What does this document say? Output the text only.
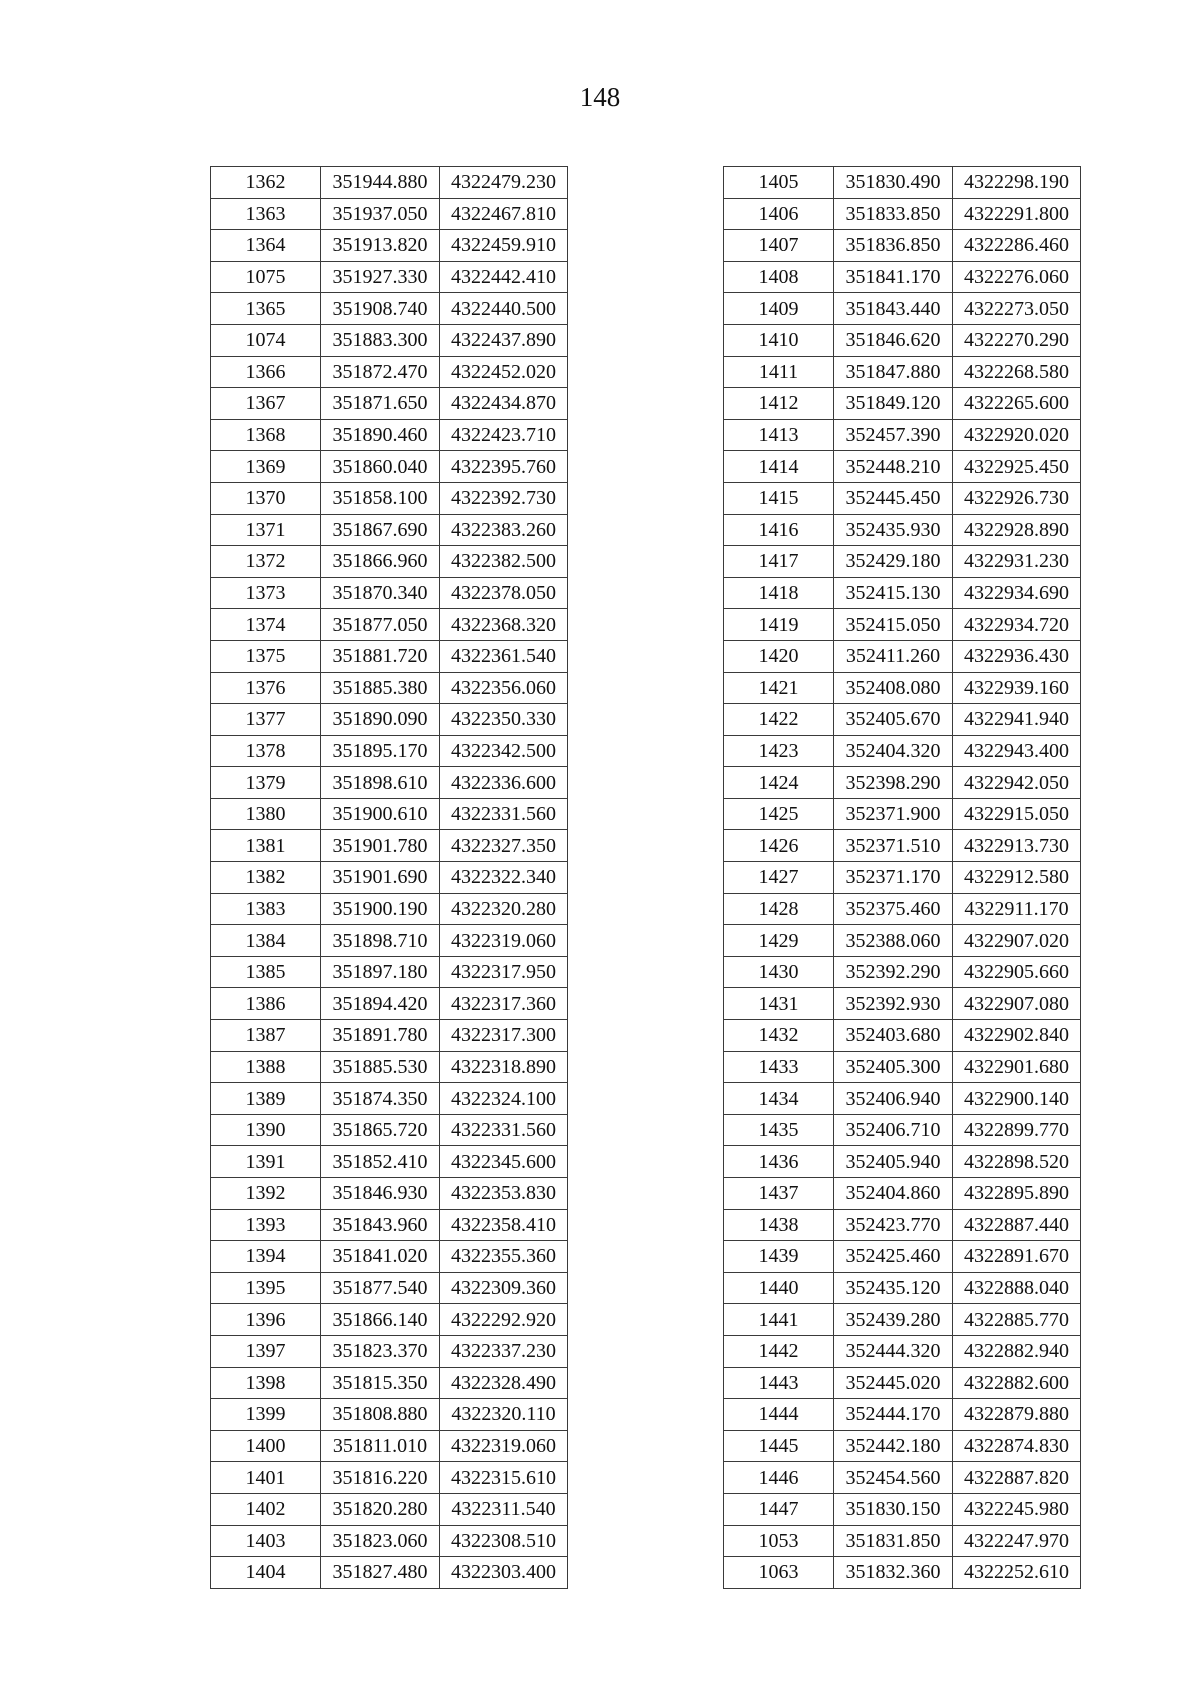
148
1362	351944.880	4322479.230
1363	351937.050	4322467.810
1364	351913.820	4322459.910
1075	351927.330	4322442.410
1365	351908.740	4322440.500
1074	351883.300	4322437.890
1366	351872.470	4322452.020
1367	351871.650	4322434.870
1368	351890.460	4322423.710
1369	351860.040	4322395.760
1370	351858.100	4322392.730
1371	351867.690	4322383.260
1372	351866.960	4322382.500
1373	351870.340	4322378.050
1374	351877.050	4322368.320
1375	351881.720	4322361.540
1376	351885.380	4322356.060
1377	351890.090	4322350.330
1378	351895.170	4322342.500
1379	351898.610	4322336.600
1380	351900.610	4322331.560
1381	351901.780	4322327.350
1382	351901.690	4322322.340
1383	351900.190	4322320.280
1384	351898.710	4322319.060
1385	351897.180	4322317.950
1386	351894.420	4322317.360
1387	351891.780	4322317.300
1388	351885.530	4322318.890
1389	351874.350	4322324.100
1390	351865.720	4322331.560
1391	351852.410	4322345.600
1392	351846.930	4322353.830
1393	351843.960	4322358.410
1394	351841.020	4322355.360
1395	351877.540	4322309.360
1396	351866.140	4322292.920
1397	351823.370	4322337.230
1398	351815.350	4322328.490
1399	351808.880	4322320.110
1400	351811.010	4322319.060
1401	351816.220	4322315.610
1402	351820.280	4322311.540
1403	351823.060	4322308.510
1404	351827.480	4322303.400
1405	351830.490	4322298.190
1406	351833.850	4322291.800
1407	351836.850	4322286.460
1408	351841.170	4322276.060
1409	351843.440	4322273.050
1410	351846.620	4322270.290
1411	351847.880	4322268.580
1412	351849.120	4322265.600
1413	352457.390	4322920.020
1414	352448.210	4322925.450
1415	352445.450	4322926.730
1416	352435.930	4322928.890
1417	352429.180	4322931.230
1418	352415.130	4322934.690
1419	352415.050	4322934.720
1420	352411.260	4322936.430
1421	352408.080	4322939.160
1422	352405.670	4322941.940
1423	352404.320	4322943.400
1424	352398.290	4322942.050
1425	352371.900	4322915.050
1426	352371.510	4322913.730
1427	352371.170	4322912.580
1428	352375.460	4322911.170
1429	352388.060	4322907.020
1430	352392.290	4322905.660
1431	352392.930	4322907.080
1432	352403.680	4322902.840
1433	352405.300	4322901.680
1434	352406.940	4322900.140
1435	352406.710	4322899.770
1436	352405.940	4322898.520
1437	352404.860	4322895.890
1438	352423.770	4322887.440
1439	352425.460	4322891.670
1440	352435.120	4322888.040
1441	352439.280	4322885.770
1442	352444.320	4322882.940
1443	352445.020	4322882.600
1444	352444.170	4322879.880
1445	352442.180	4322874.830
1446	352454.560	4322887.820
1447	351830.150	4322245.980
1053	351831.850	4322247.970
1063	351832.360	4322252.610
